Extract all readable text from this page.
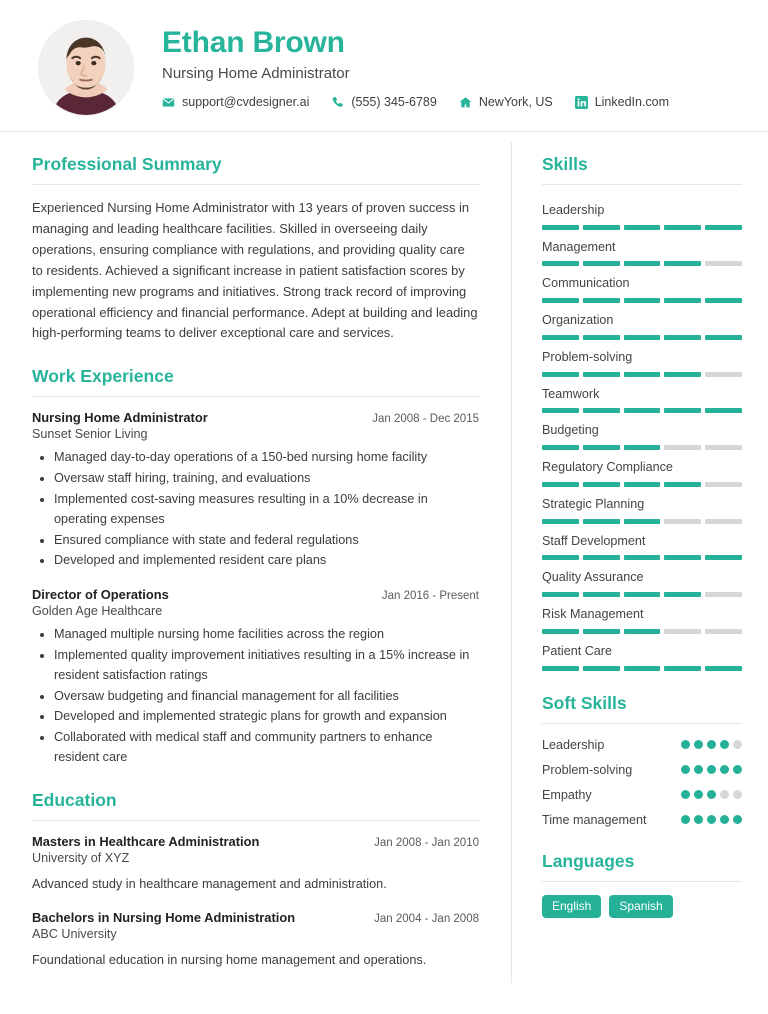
Ethan Brown
Nursing Home Administrator
support@cvdesigner.ai	(555) 345-6789	NewYork, US	LinkedIn.com
Professional Summary
Experienced Nursing Home Administrator with 13 years of proven success in managing and leading healthcare facilities. Skilled in overseeing daily operations, ensuring compliance with regulations, and providing quality care to residents. Achieved a significant increase in patient satisfaction scores by implementing new programs and initiatives. Strong track record of improving operational efficiency and financial performance. Adept at building and leading high-performing teams to deliver exceptional care and services.
Work Experience
Nursing Home Administrator	Jan 2008 - Dec 2015
Sunset Senior Living
• Managed day-to-day operations of a 150-bed nursing home facility
• Oversaw staff hiring, training, and evaluations
• Implemented cost-saving measures resulting in a 10% decrease in operating expenses
• Ensured compliance with state and federal regulations
• Developed and implemented resident care plans
Director of Operations	Jan 2016 - Present
Golden Age Healthcare
• Managed multiple nursing home facilities across the region
• Implemented quality improvement initiatives resulting in a 15% increase in resident satisfaction ratings
• Oversaw budgeting and financial management for all facilities
• Developed and implemented strategic plans for growth and expansion
• Collaborated with medical staff and community partners to enhance resident care
Education
Masters in Healthcare Administration	Jan 2008 - Jan 2010
University of XYZ
Advanced study in healthcare management and administration.
Bachelors in Nursing Home Administration	Jan 2004 - Jan 2008
ABC University
Foundational education in nursing home management and operations.
Skills
Leadership
Management
Communication
Organization
Problem-solving
Teamwork
Budgeting
Regulatory Compliance
Strategic Planning
Staff Development
Quality Assurance
Risk Management
Patient Care
Soft Skills
Leadership
Problem-solving
Empathy
Time management
Languages
English	Spanish
